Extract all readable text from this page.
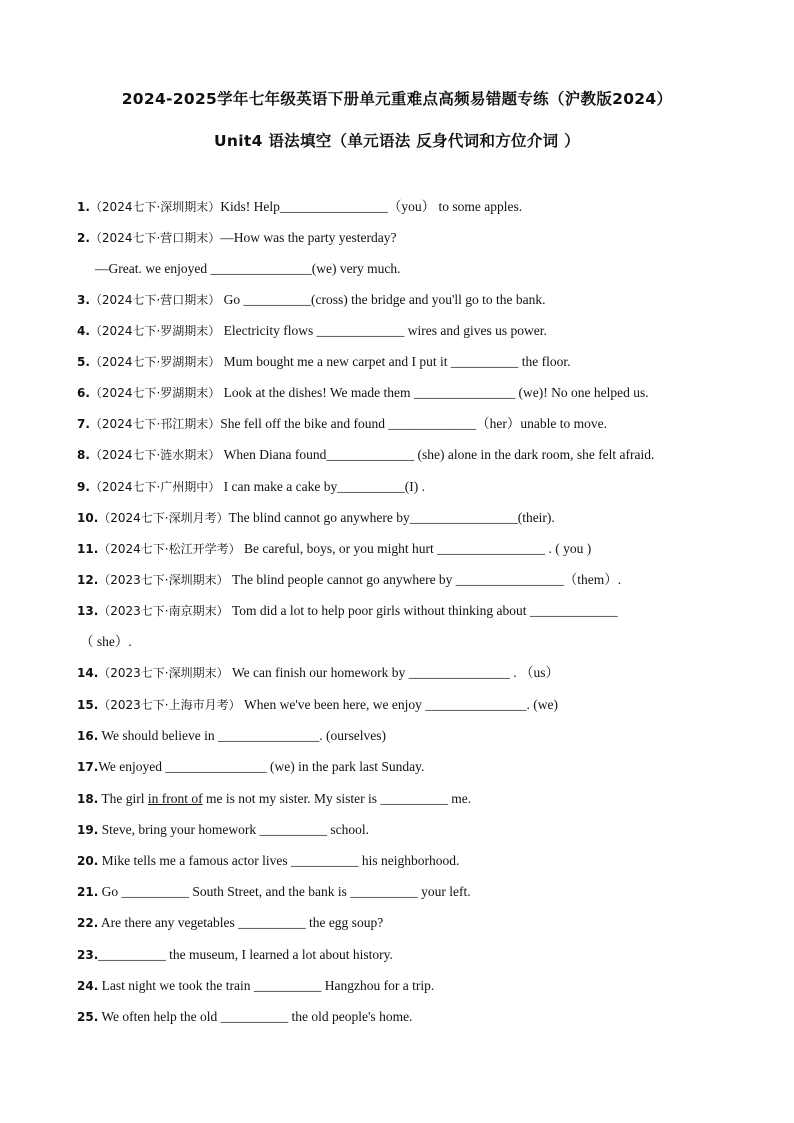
2024-2025学年七年级英语下册单元重难点高频易错题专练（沪教版2024）
Unit4 语法填空（单元语法 反身代词和方位介词 ）
1.（2024七下·深圳期末）Kids! Help________________（you） to some apples.
2.（2024七下·营口期末）—How was the party yesterday?
—Great. we enjoyed _______________(we) very much.
3.（2024七下·营口期末） Go __________(cross) the bridge and you'll go to the bank.
4.（2024七下·罗湖期末） Electricity flows _____________ wires and gives us power.
5.（2024七下·罗湖期末） Mum bought me a new carpet and I put it __________ the floor.
6.（2024七下·罗湖期末） Look at the dishes! We made them _______________ (we)! No one helped us.
7.（2024七下·邗江期末）She fell off the bike and found _____________（her）unable to move.
8.（2024七下·涟水期末） When Diana found_____________ (she) alone in the dark room, she felt afraid.
9.（2024七下·广州期中） I can make a cake by__________(I) .
10.（2024七下·深圳月考）The blind cannot go anywhere by________________(their).
11.（2024七下·松江开学考） Be careful, boys, or you might hurt ________________ . ( you )
12.（2023七下·深圳期末） The blind people cannot go anywhere by ________________（them）.
13.（2023七下·南京期末） Tom did a lot to help poor girls without thinking about _____________
（ she）.
14.（2023七下·深圳期末） We can finish our homework by _______________ . （us）
15.（2023七下·上海市月考） When we've been here, we enjoy _______________. (we)
16. We should believe in _______________. (ourselves)
17.We enjoyed _______________ (we) in the park last Sunday.
18. The girl in front of me is not my sister. My sister is __________ me.
19. Steve, bring your homework __________ school.
20. Mike tells me a famous actor lives __________ his neighborhood.
21. Go __________ South Street, and the bank is __________ your left.
22. Are there any vegetables __________ the egg soup?
23.__________ the museum, I learned a lot about history.
24. Last night we took the train __________ Hangzhou for a trip.
25. We often help the old __________ the old people's home.
